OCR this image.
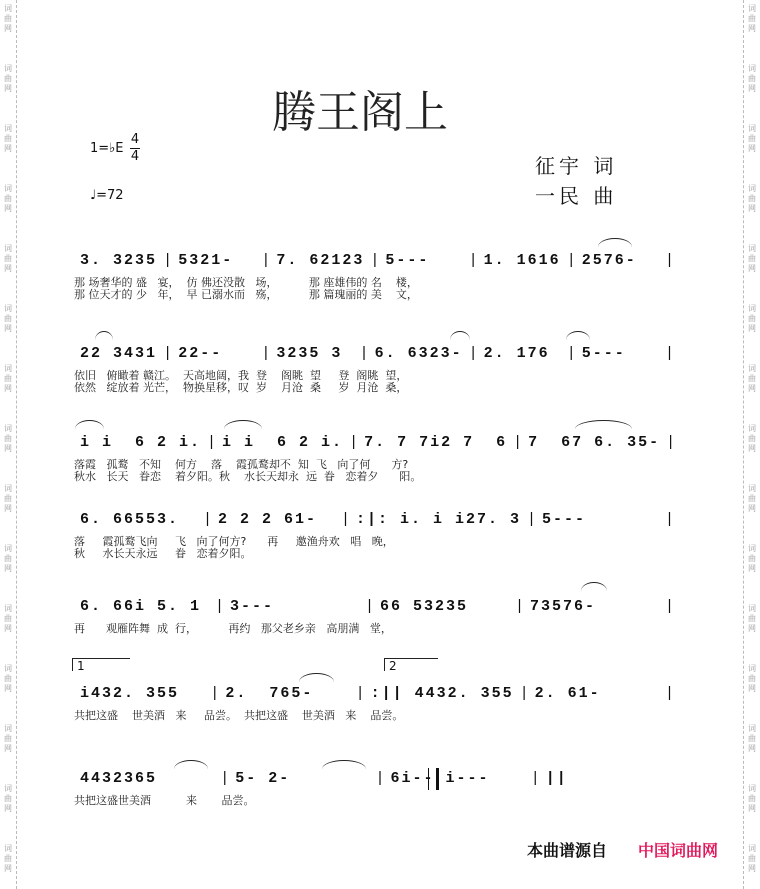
词
曲
网
词
曲
网
词
曲
网
词
曲
网
词
曲
网
词
曲
网
词
曲
网
词
曲
网
词
曲
网
词
曲
网
词
曲
网
词
曲
网
词
曲
网
词
曲
网
词
曲
网
词
曲
网
词
曲
网
词
曲
网
词
曲
网
词
曲
网
词
曲
网
词
曲
网
词
曲
网
词
曲
网
词
曲
网
词
曲
网
词
曲
网
词
曲
网
词
曲
网
词
曲
网
腾王阁上
1=♭E
4
4
♩=72
征宇 词
一民 曲
3. 3235 | 5321-	| 7. 62123 | 5---	| 1. 1616 | 2576-	|
那 场奢华的 盛   宴，  仿 佛还没散   场，         那 座雄伟的 名    楼，
那 位天才的 少   年，  早 已溺水而   殇，         那 篇瑰丽的 美    文，
22 3431 | 22--	| 3235 3	| 6. 6323- | 2. 176	| 5---	|
依旧   俯瞰着 赣江。  天高地阔，我  登    阁眺  望     登  阁眺  望，
依然   绽放着 光芒，  物换星移，叹  岁    月沧  桑     岁  月沧  桑，
i i  6 2 i. | i i  6 2 i. | 7. 7 7i2 7  6 | 7  67 6. 35- |
落霞   孤鹜   不知    何方    落    霞孤鹜却不  知  飞   向了何      方?
秋水   长天   眷恋    着夕阳。秋    水长天却永  远  眷   恋着夕      阳。
6. 66553.	| 2 2 2 61-	| :|: i. i i27. 3 | 5---	|
落     霞孤鹜飞向     飞   向了何方?      再     邀渔舟欢   唱   晚，
秋     水长天永远     眷   恋着夕阳。
6. 66i 5. 1 | 3---	| 66 53235	| 73576-	|
再      观雁阵舞  成  行，         再约   那父老乡亲   高朋满   堂，
i432. 355	| 2.  765-	| :|| 4432. 355 | 2. 61-	|
共把这盛    世美酒   来     品尝。  共把这盛    世美酒   来    品尝。
1	2
4432365	| 5- 2-	| 6i-- i---	| ||
共把这盛世美酒          来       品尝。
本曲谱源自 中国词曲网
